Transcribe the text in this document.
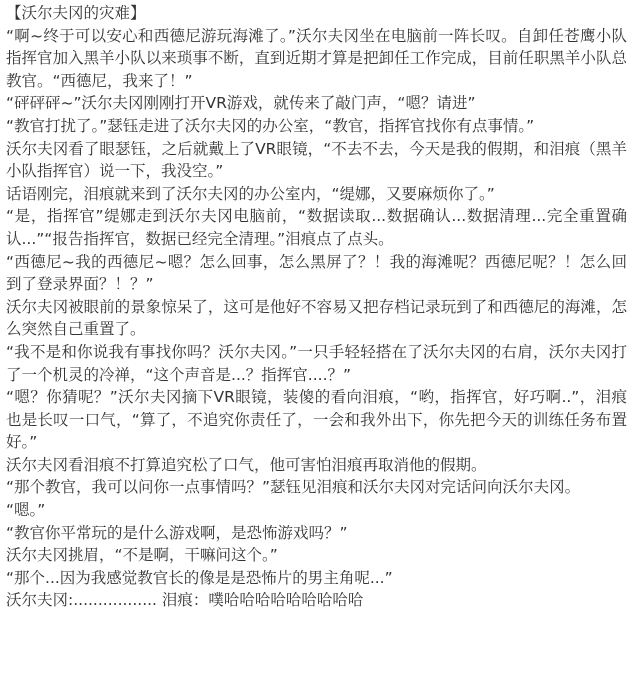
【沃尔夫冈的灾难】

“啊~终于可以安心和西德尼游玩海滩了。”沃尔夫冈坐在电脑前一阵长叹。自卸任苍鹰小队指挥官加入黑羊小队以来琐事不断，直到近期才算是把卸任工作完成，目前任职黑羊小队总教官。“西德尼，我来了！”

“砰砰砰~”沃尔夫冈刚刚打开VR游戏，就传来了敲门声，“嗯？请进”

“教官打扰了。”瑟钰走进了沃尔夫冈的办公室，“教官，指挥官找你有点事情。”

沃尔夫冈看了眼瑟钰，之后就戴上了VR眼镜，“不去不去，今天是我的假期，和泪痕（黑羊小队指挥官）说一下，我没空。”

话语刚完，泪痕就来到了沃尔夫冈的办公室内，“缇娜，又要麻烦你了。”

“是，指挥官”缇娜走到沃尔夫冈电脑前，“数据读取...数据确认...数据清理...完全重置确认...”“报告指挥官，数据已经完全清理。”泪痕点了点头。

“西德尼~我的西德尼~嗯？怎么回事，怎么黑屏了？！我的海滩呢？西德尼呢？！怎么回到了登录界面？！？”

沃尔夫冈被眼前的景象惊呆了，这可是他好不容易又把存档记录玩到了和西德尼的海滩，怎么突然自己重置了。

“我不是和你说我有事找你吗？沃尔夫冈。”一只手轻轻搭在了沃尔夫冈的右肩，沃尔夫冈打了一个机灵的冷禅，“这个声音是...？指挥官....？”

“嗯？你猜呢？”沃尔夫冈摘下VR眼镜，装傻的看向泪痕，“哟，指挥官，好巧啊..”，泪痕也是长叹一口气，“算了，不追究你责任了，一会和我外出下，你先把今天的训练任务布置好。”

沃尔夫冈看泪痕不打算追究松了口气，他可害怕泪痕再取消他的假期。

“那个教官，我可以问你一点事情吗？”瑟钰见泪痕和沃尔夫冈对完话问向沃尔夫冈。

“嗯。”

“教官你平常玩的是什么游戏啊，是恐怖游戏吗？”

沃尔夫冈挑眉，“不是啊，干嘛问这个。”

“那个...因为我感觉教官长的像是是恐怖片的男主角呢...”

沃尔夫冈:................. 泪痕：噗哈哈哈哈哈哈哈哈哈
